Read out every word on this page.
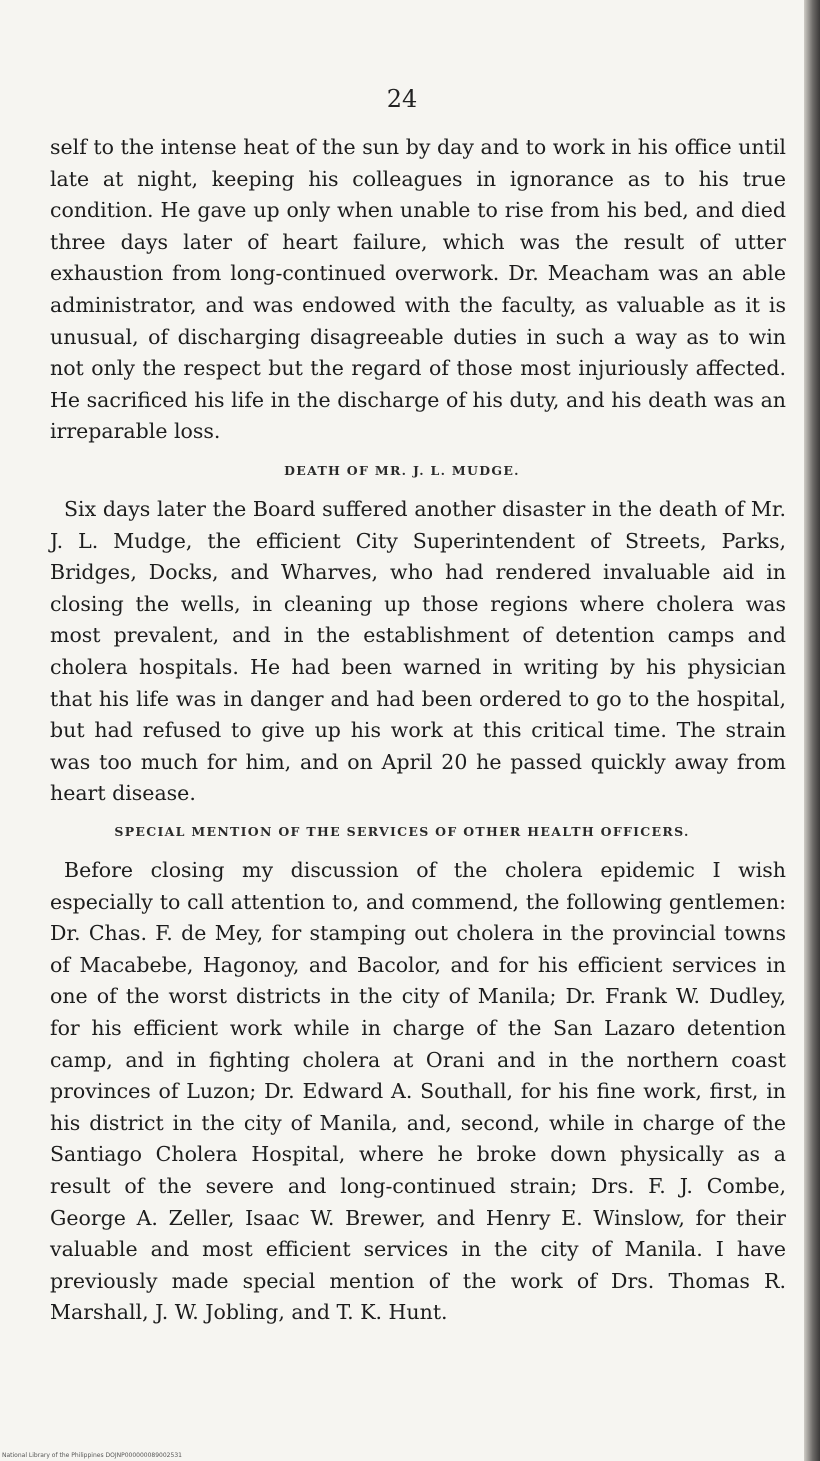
24

self to the intense heat of the sun by day and to work in his office until late at night, keeping his colleagues in ignorance as to his true condition. He gave up only when unable to rise from his bed, and died three days later of heart failure, which was the result of utter exhaustion from long-continued overwork. Dr. Meacham was an able administrator, and was endowed with the faculty, as valuable as it is unusual, of discharging disagreeable duties in such a way as to win not only the respect but the regard of those most injuriously affected. He sacrificed his life in the discharge of his duty, and his death was an irreparable loss.

DEATH OF MR. J. L. MUDGE.

Six days later the Board suffered another disaster in the death of Mr. J. L. Mudge, the efficient City Superintendent of Streets, Parks, Bridges, Docks, and Wharves, who had rendered invaluable aid in closing the wells, in cleaning up those regions where cholera was most prevalent, and in the establishment of detention camps and cholera hospitals. He had been warned in writing by his physician that his life was in danger and had been ordered to go to the hospital, but had refused to give up his work at this critical time. The strain was too much for him, and on April 20 he passed quickly away from heart disease.

SPECIAL MENTION OF THE SERVICES OF OTHER HEALTH OFFICERS.

Before closing my discussion of the cholera epidemic I wish especially to call attention to, and commend, the following gentlemen: Dr. Chas. F. de Mey, for stamping out cholera in the provincial towns of Macabebe, Hagonoy, and Bacolor, and for his efficient services in one of the worst districts in the city of Manila; Dr. Frank W. Dudley, for his efficient work while in charge of the San Lazaro detention camp, and in fighting cholera at Orani and in the northern coast provinces of Luzon; Dr. Edward A. Southall, for his fine work, first, in his district in the city of Manila, and, second, while in charge of the Santiago Cholera Hospital, where he broke down physically as a result of the severe and long-continued strain; Drs. F. J. Combe, George A. Zeller, Isaac W. Brewer, and Henry E. Winslow, for their valuable and most efficient services in the city of Manila. I have previously made special mention of the work of Drs. Thomas R. Marshall, J. W. Jobling, and T. K. Hunt.

National Library of the Philippines DOJNP000000089002531
